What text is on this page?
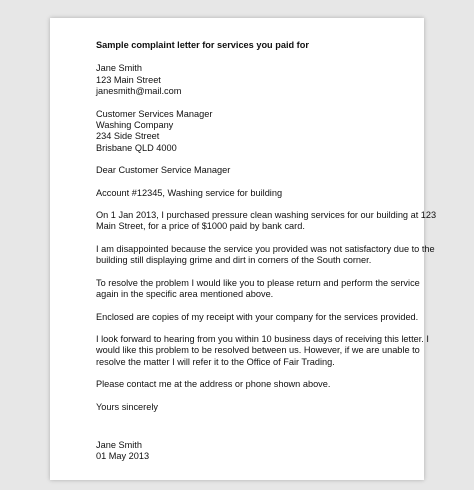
Sample complaint letter for services you paid for
Jane Smith
123 Main Street
janesmith@mail.com
Customer Services Manager
Washing Company
234 Side Street
Brisbane QLD 4000
Dear Customer Service Manager
Account #12345, Washing service for building
On 1 Jan 2013, I purchased pressure clean washing services for our building at 123
Main Street, for a price of $1000 paid by bank card.
I am disappointed because the service you provided was not satisfactory due to the
building still displaying grime and dirt in corners of the South corner.
To resolve the problem I would like you to please return and perform the service
again in the specific area mentioned above.
Enclosed are copies of my receipt with your company for the services provided.
I look forward to hearing from you within 10 business days of receiving this letter. I
would like this problem to be resolved between us. However, if we are unable to
resolve the matter I will refer it to the Office of Fair Trading.
Please contact me at the address or phone shown above.
Yours sincerely
Jane Smith
01 May 2013
